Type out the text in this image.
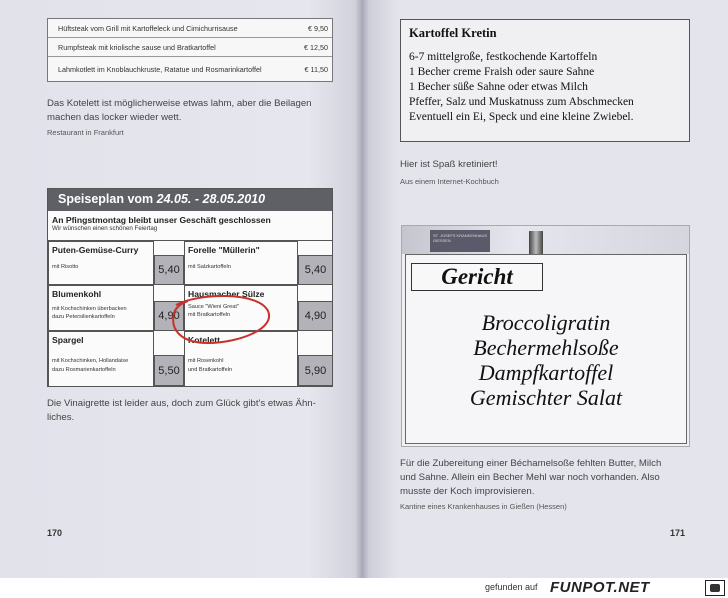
Hüftsteak vom Grill mit Kartoffeleck und Cimichurrisause	€ 9,50
Rumpfsteak mit kriolische sause und Bratkartoffel	€ 12,50
Lahmkotlett im Knoblauchkruste, Ratatue und Rosmarinkartoffel	€ 11,50
Das Kotelett ist möglicherweise etwas lahm, aber die Beilagen
machen das locker wieder wett.
Restaurant in Frankfurt
Speiseplan vom 24.05. - 28.05.2010
An Pfingstmontag bleibt unser Geschäft geschlossen
Wir wünschen einen schönen Feiertag
Puten-Gemüse-Curry
mit Risotto	5,40
Forelle "Müllerin"
mit Salzkartoffeln	5,40
Blumenkohl
mit Kochschinken überbacken
dazu Petersilienkartoffeln	4,90
Hausmacher Sülze
Sauce "Wieni Great"
mit Bratkartoffeln	4,90
Spargel
mit Kochschinken, Hollandaise
dazu Rosmarienkartoffeln	5,50
Kotelett
mit Rosenkohl
und Bratkartoffeln	5,90
Die Vinaigrette ist leider aus, doch zum Glück gibt's etwas Ähn-
liches.
170
Kartoffel Kretin
6-7 mittelgroße, festkochende Kartoffeln
1 Becher creme Fraish oder saure Sahne
1 Becher süße Sahne oder etwas Milch
Pfeffer, Salz und Muskatnuss zum Abschmecken
Eventuell ein Ei, Speck und eine kleine Zwiebel.
Hier ist Spaß kretiniert!
Aus einem Internet-Kochbuch
ST. JOSEFS KRANKENHAUS GIESSEN
Gericht
Broccoligratin
Bechermehlsoße
Dampfkartoffel
Gemischter Salat
Für die Zubereitung einer Béchamelsoße fehlten Butter, Milch
und Sahne. Allein ein Becher Mehl war noch vorhanden. Also
musste der Koch improvisieren.
Kantine eines Krankenhauses in Gießen (Hessen)
171
gefunden auf FUNPOT.NET
